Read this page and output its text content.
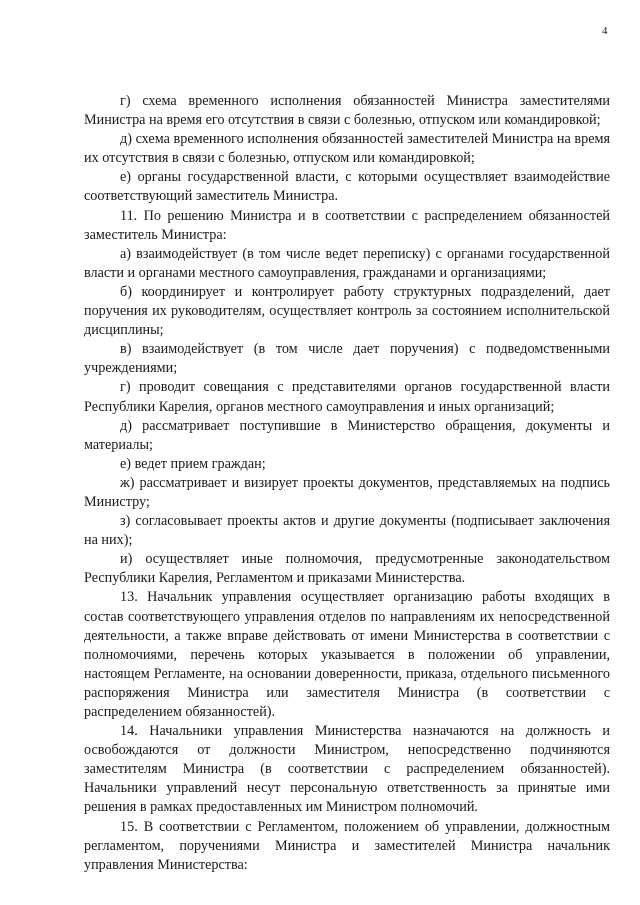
4

г) схема временного исполнения обязанностей Министра заместителями Министра на время его отсутствия в связи с болезнью, отпуском или командировкой;

д) схема временного исполнения обязанностей заместителей Министра на время их отсутствия в связи с болезнью, отпуском или командировкой;

е) органы государственной власти, с которыми осуществляет взаимодействие соответствующий заместитель Министра.

11. По решению Министра и в соответствии с распределением обязанностей заместитель Министра:

а) взаимодействует (в том числе ведет переписку) с органами государственной власти и органами местного самоуправления, гражданами и организациями;

б) координирует и контролирует работу структурных подразделений, дает поручения их руководителям, осуществляет контроль за состоянием исполнительской дисциплины;

в) взаимодействует (в том числе дает поручения) с подведомственными учреждениями;

г) проводит совещания с представителями органов государственной власти Республики Карелия, органов местного самоуправления и иных организаций;

д) рассматривает поступившие в Министерство обращения, документы и материалы;

е) ведет прием граждан;

ж) рассматривает и визирует проекты документов, представляемых на подпись Министру;

з) согласовывает проекты актов и другие документы (подписывает заключения на них);

и) осуществляет иные полномочия, предусмотренные законодательством Республики Карелия, Регламентом и приказами Министерства.

13. Начальник управления осуществляет организацию работы входящих в состав соответствующего управления отделов по направлениям их непосредственной деятельности, а также вправе действовать от имени Министерства в соответствии с полномочиями, перечень которых указывается в положении об управлении, настоящем Регламенте, на основании доверенности, приказа, отдельного письменного распоряжения Министра или заместителя Министра (в соответствии с распределением обязанностей).

14. Начальники управления Министерства назначаются на должность и освобождаются от должности Министром, непосредственно подчиняются заместителям Министра (в соответствии с распределением обязанностей). Начальники управлений несут персональную ответственность за принятые ими решения в рамках предоставленных им Министром полномочий.

15. В соответствии с Регламентом, положением об управлении, должностным регламентом, поручениями Министра и заместителей Министра начальник управления Министерства:
